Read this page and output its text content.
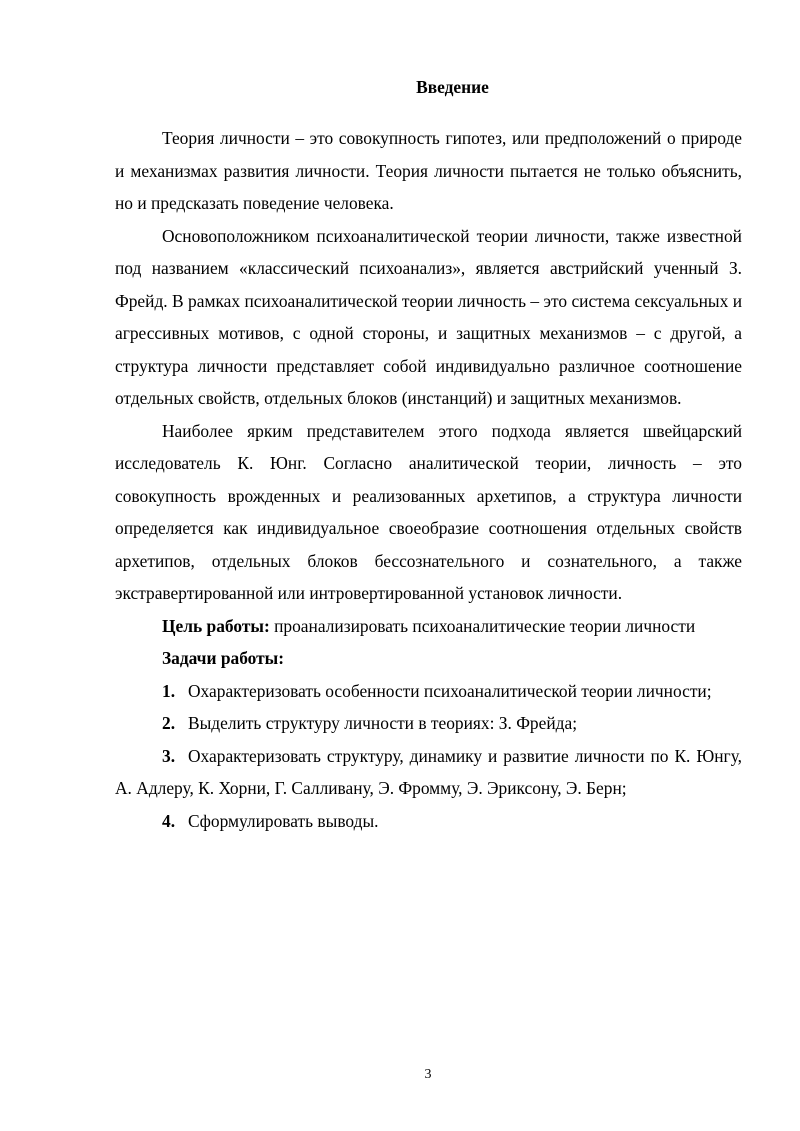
Введение

Теория личности – это совокупность гипотез, или предположений о природе и механизмах развития личности. Теория личности пытается не только объяснить, но и предсказать поведение человека.

Основоположником психоаналитической теории личности, также известной под названием «классический психоанализ», является австрийский ученный З. Фрейд. В рамках психоаналитической теории личность – это система сексуальных и агрессивных мотивов, с одной стороны, и защитных механизмов – с другой, а структура личности представляет собой индивидуально различное соотношение отдельных свойств, отдельных блоков (инстанций) и защитных механизмов.

Наиболее ярким представителем этого подхода является швейцарский исследователь К. Юнг. Согласно аналитической теории, личность – это совокупность врожденных и реализованных архетипов, а структура личности определяется как индивидуальное своеобразие соотношения отдельных свойств архетипов, отдельных блоков бессознательного и сознательного, а также экстравертированной или интровертированной установок личности.

Цель работы: проанализировать психоаналитические теории личности

Задачи работы:

1. Охарактеризовать особенности психоаналитической теории личности;

2. Выделить структуру личности в теориях: З. Фрейда;

3. Охарактеризовать структуру, динамику и развитие личности по К. Юнгу, А. Адлеру, К. Хорни, Г. Салливану, Э. Фромму, Э. Эриксону, Э. Берн;

4. Сформулировать выводы.

3
